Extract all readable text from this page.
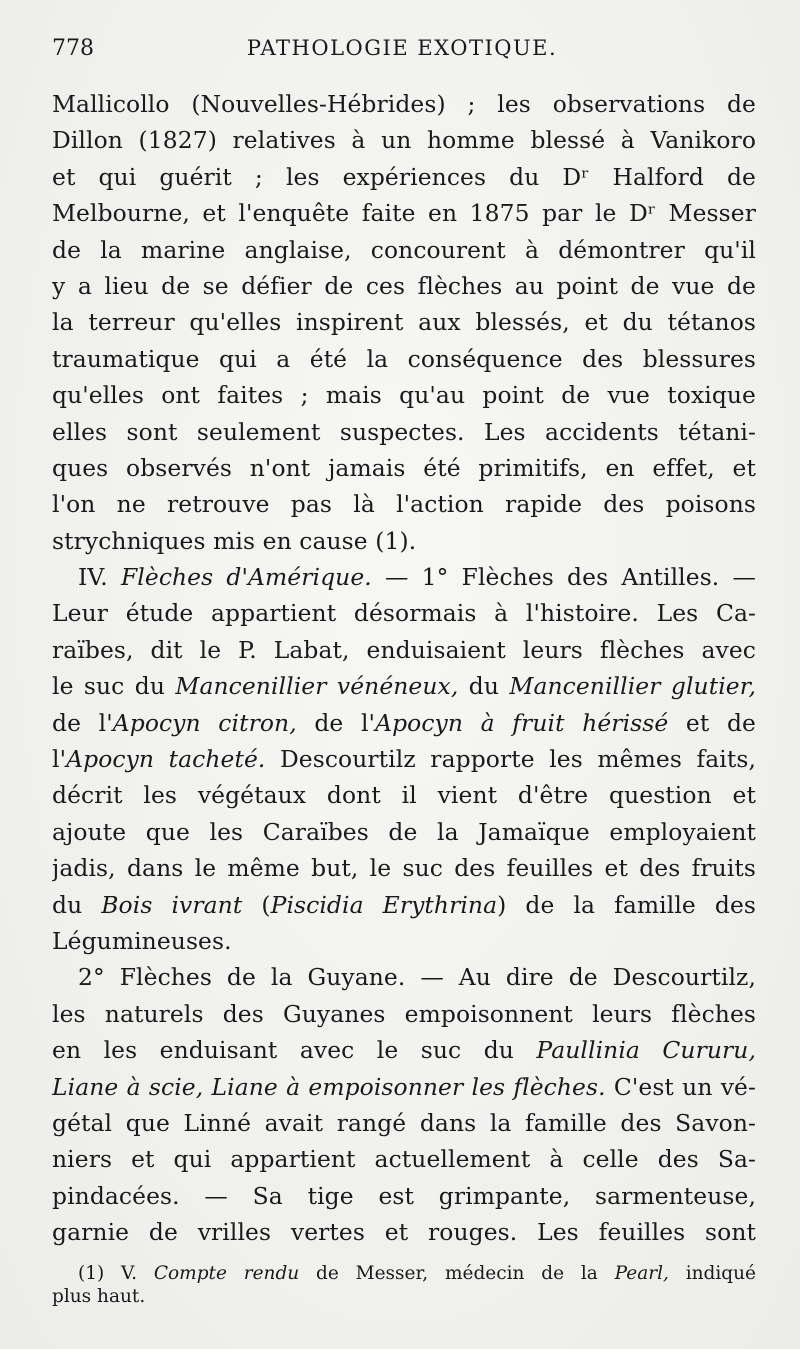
778	PATHOLOGIE EXOTIQUE.
Mallicollo (Nouvelles-Hébrides) ; les observations de
Dillon (1827) relatives à un homme blessé à Vanikoro
et qui guérit ; les expériences du Dʳ Halford de
Melbourne, et l'enquête faite en 1875 par le Dʳ Messer
de la marine anglaise, concourent à démontrer qu'il
y a lieu de se défier de ces flèches au point de vue de
la terreur qu'elles inspirent aux blessés, et du tétanos
traumatique qui a été la conséquence des blessures
qu'elles ont faites ; mais qu'au point de vue toxique
elles sont seulement suspectes. Les accidents tétani-
ques observés n'ont jamais été primitifs, en effet, et
l'on ne retrouve pas là l'action rapide des poisons
strychniques mis en cause (1).
IV. Flèches d'Amérique. — 1° Flèches des Antilles. —
Leur étude appartient désormais à l'histoire. Les Ca-
raïbes, dit le P. Labat, enduisaient leurs flèches avec
le suc du Mancenillier vénéneux, du Mancenillier glutier,
de l'Apocyn citron, de l'Apocyn à fruit hérissé et de
l'Apocyn tacheté. Descourtilz rapporte les mêmes faits,
décrit les végétaux dont il vient d'être question et
ajoute que les Caraïbes de la Jamaïque employaient
jadis, dans le même but, le suc des feuilles et des fruits
du Bois ivrant (Piscidia Erythrina) de la famille des
Légumineuses.
2° Flèches de la Guyane. — Au dire de Descourtilz,
les naturels des Guyanes empoisonnent leurs flèches
en les enduisant avec le suc du Paullinia Cururu,
Liane à scie, Liane à empoisonner les flèches. C'est un vé-
gétal que Linné avait rangé dans la famille des Savon-
niers et qui appartient actuellement à celle des Sa-
pindacées. — Sa tige est grimpante, sarmenteuse,
garnie de vrilles vertes et rouges. Les feuilles sont
(1) V. Compte rendu de Messer, médecin de la Pearl, indiqué
plus haut.
